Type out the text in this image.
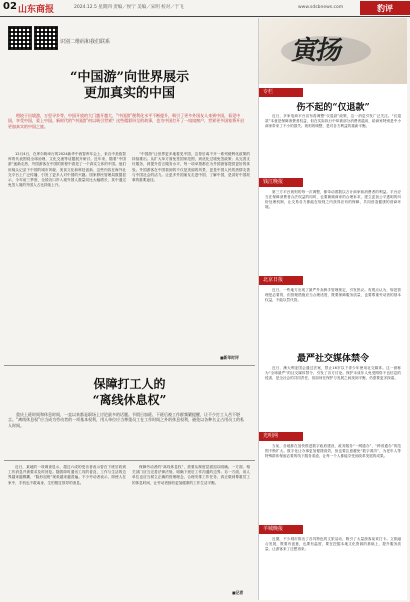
02 山东商报	2024.12.5 星期四 责编／侯宁 美编／宋明 校对／于飞	www.sdsbnews.com	豹评
识别二维码和我们联系
“中国游”向世界展示
更加真实的中国
相较于出境游，万里寻乡等，中国开放的大门越开越大，“中国游”便利化水平不断提升，吸引了更多外国友人来到中国，看见中国，享受中国，爱上中国。新时代的“中国游”何以吸引世界？这些精彩纷呈的故事，也为中国打开了一扇扇窗户，世界更多国家将开启更加真实的中国之旅。

12月4日，在库尔勒举行的2024新华中西智库年会上，来自中美欧智库的代表围绕全球治理、文化交流等话题展开研讨。近年来，随着“中国游”逐渐走热，外国游客在中国的旅程中看见了一个真实立体的中国。他们用镜头记录下中国的城市风貌、美食文化和科技创新，这些内容在海外社交平台上广泛传播，引发了更多人对中国的兴趣。国家移民管理局数据显示，今年前三季度，全国各口岸入境外国人数量同比大幅增长，其中通过免签入境的外国人占比持续上升。

“中国游”让世界更多地看见中国，这背后离不开一系列便利化政策的持续推出。从扩大单方面免签国家范围，到优化过境免签政策；从完善支付服务，到提升语言服务水平，每一项举措都在为外国游客提供更好的体验。外国游客在中国看到的不仅是美丽的风景，更是中国人民的热情友善与中国社会的活力。让更多外国朋友走进中国、了解中国，是讲好中国故事的重要途径。

■新华时评
保障打工人的
“离线休息权”
重庆上班时间和休息时间，一直以来都是职场上讨论最多的话题。节假日加班、下班后被工作群频繁提醒，让不少打工人苦不堪言。“离线休息权”应当成为劳动者的一项基本权利，用人单位应当尊重员工在工作时间之外的休息权利，避免以各种名义占用员工的私人时间。

近日，某地的一项调查显示，超过六成的受访者表示曾在下班后收到工作消息并被要求及时回复。随着即时通讯工具的普及，工作与生活的边界越来越模糊，“隐形加班”现象越来越普遍。不少劳动者表示，即使人在家中，手机也不敢离身，生怕错过领导的消息。

保障劳动者的“离线休息权”，需要从制度层面加以明确。一方面，相关部门应当完善法律法规，明确下班后工作沟通的边界；另一方面，用人单位也应当树立正确的管理理念，合理安排工作任务，真正做到尊重员工的休息时间，让劳动者拥有更加健康的工作生活平衡。

■记者
寅扬
专栏
伤不起的“仅退款”
近日，多家电商平台宣布将调整“仅退款”政策，这一消息引发广泛关注。“仅退款”本意是保障消费者权益，但在实际执行中却被部分消费者滥用，给商家特别是中小商家带来了不小的损失。规则的调整，是对各方利益的重新平衡。
钱江晚报
第三方平台规则的每一次调整，都牵动着数以万计商家和消费者的利益。平台应当在保障消费者合法权益的同时，也要兼顾商家的合理诉求，建立更加公平透明的纠纷处理机制，让交易各方都能在规则之内获得应有的保障，共同营造健康的营商环境。
北京日报
近日，一些地方出现了最严外卖骑手管理规定，引发热议。有观点认为，规范管理是必要的，但管理措施应当合理适度，既要保障服务质量，也要尊重劳动者的基本权益，不能以罚代管。
最严社交媒体禁令
近日，澳大利亚国会通过法案，禁止16岁以下青少年使用社交媒体。这一被称为“全球最严”的社交媒体禁令，引发了各方讨论。保护未成年人免受网络不良信息的侵害，是全社会的共同责任，但如何在保护与发展之间找到平衡，仍需要更多探索。
光明网
当前，各地都在加快推进数字政府建设，政务服务“一网通办”、“跨省通办”的范围不断扩大。数字化让办事更加便捷高效，但也要注意避免“数字鸿沟”，为老年人等特殊群体保留必要的线下服务渠道，让每一个人都能享受到改革发展的成果。
羊城晚报
近期，不少城市推出了各具特色的文旅活动，吸引了大量游客前来打卡。文旅融合发展，既要有创意，也要有温度，要在挖掘本地文化资源的基础上，提升服务质量，让游客来了还想再来。
